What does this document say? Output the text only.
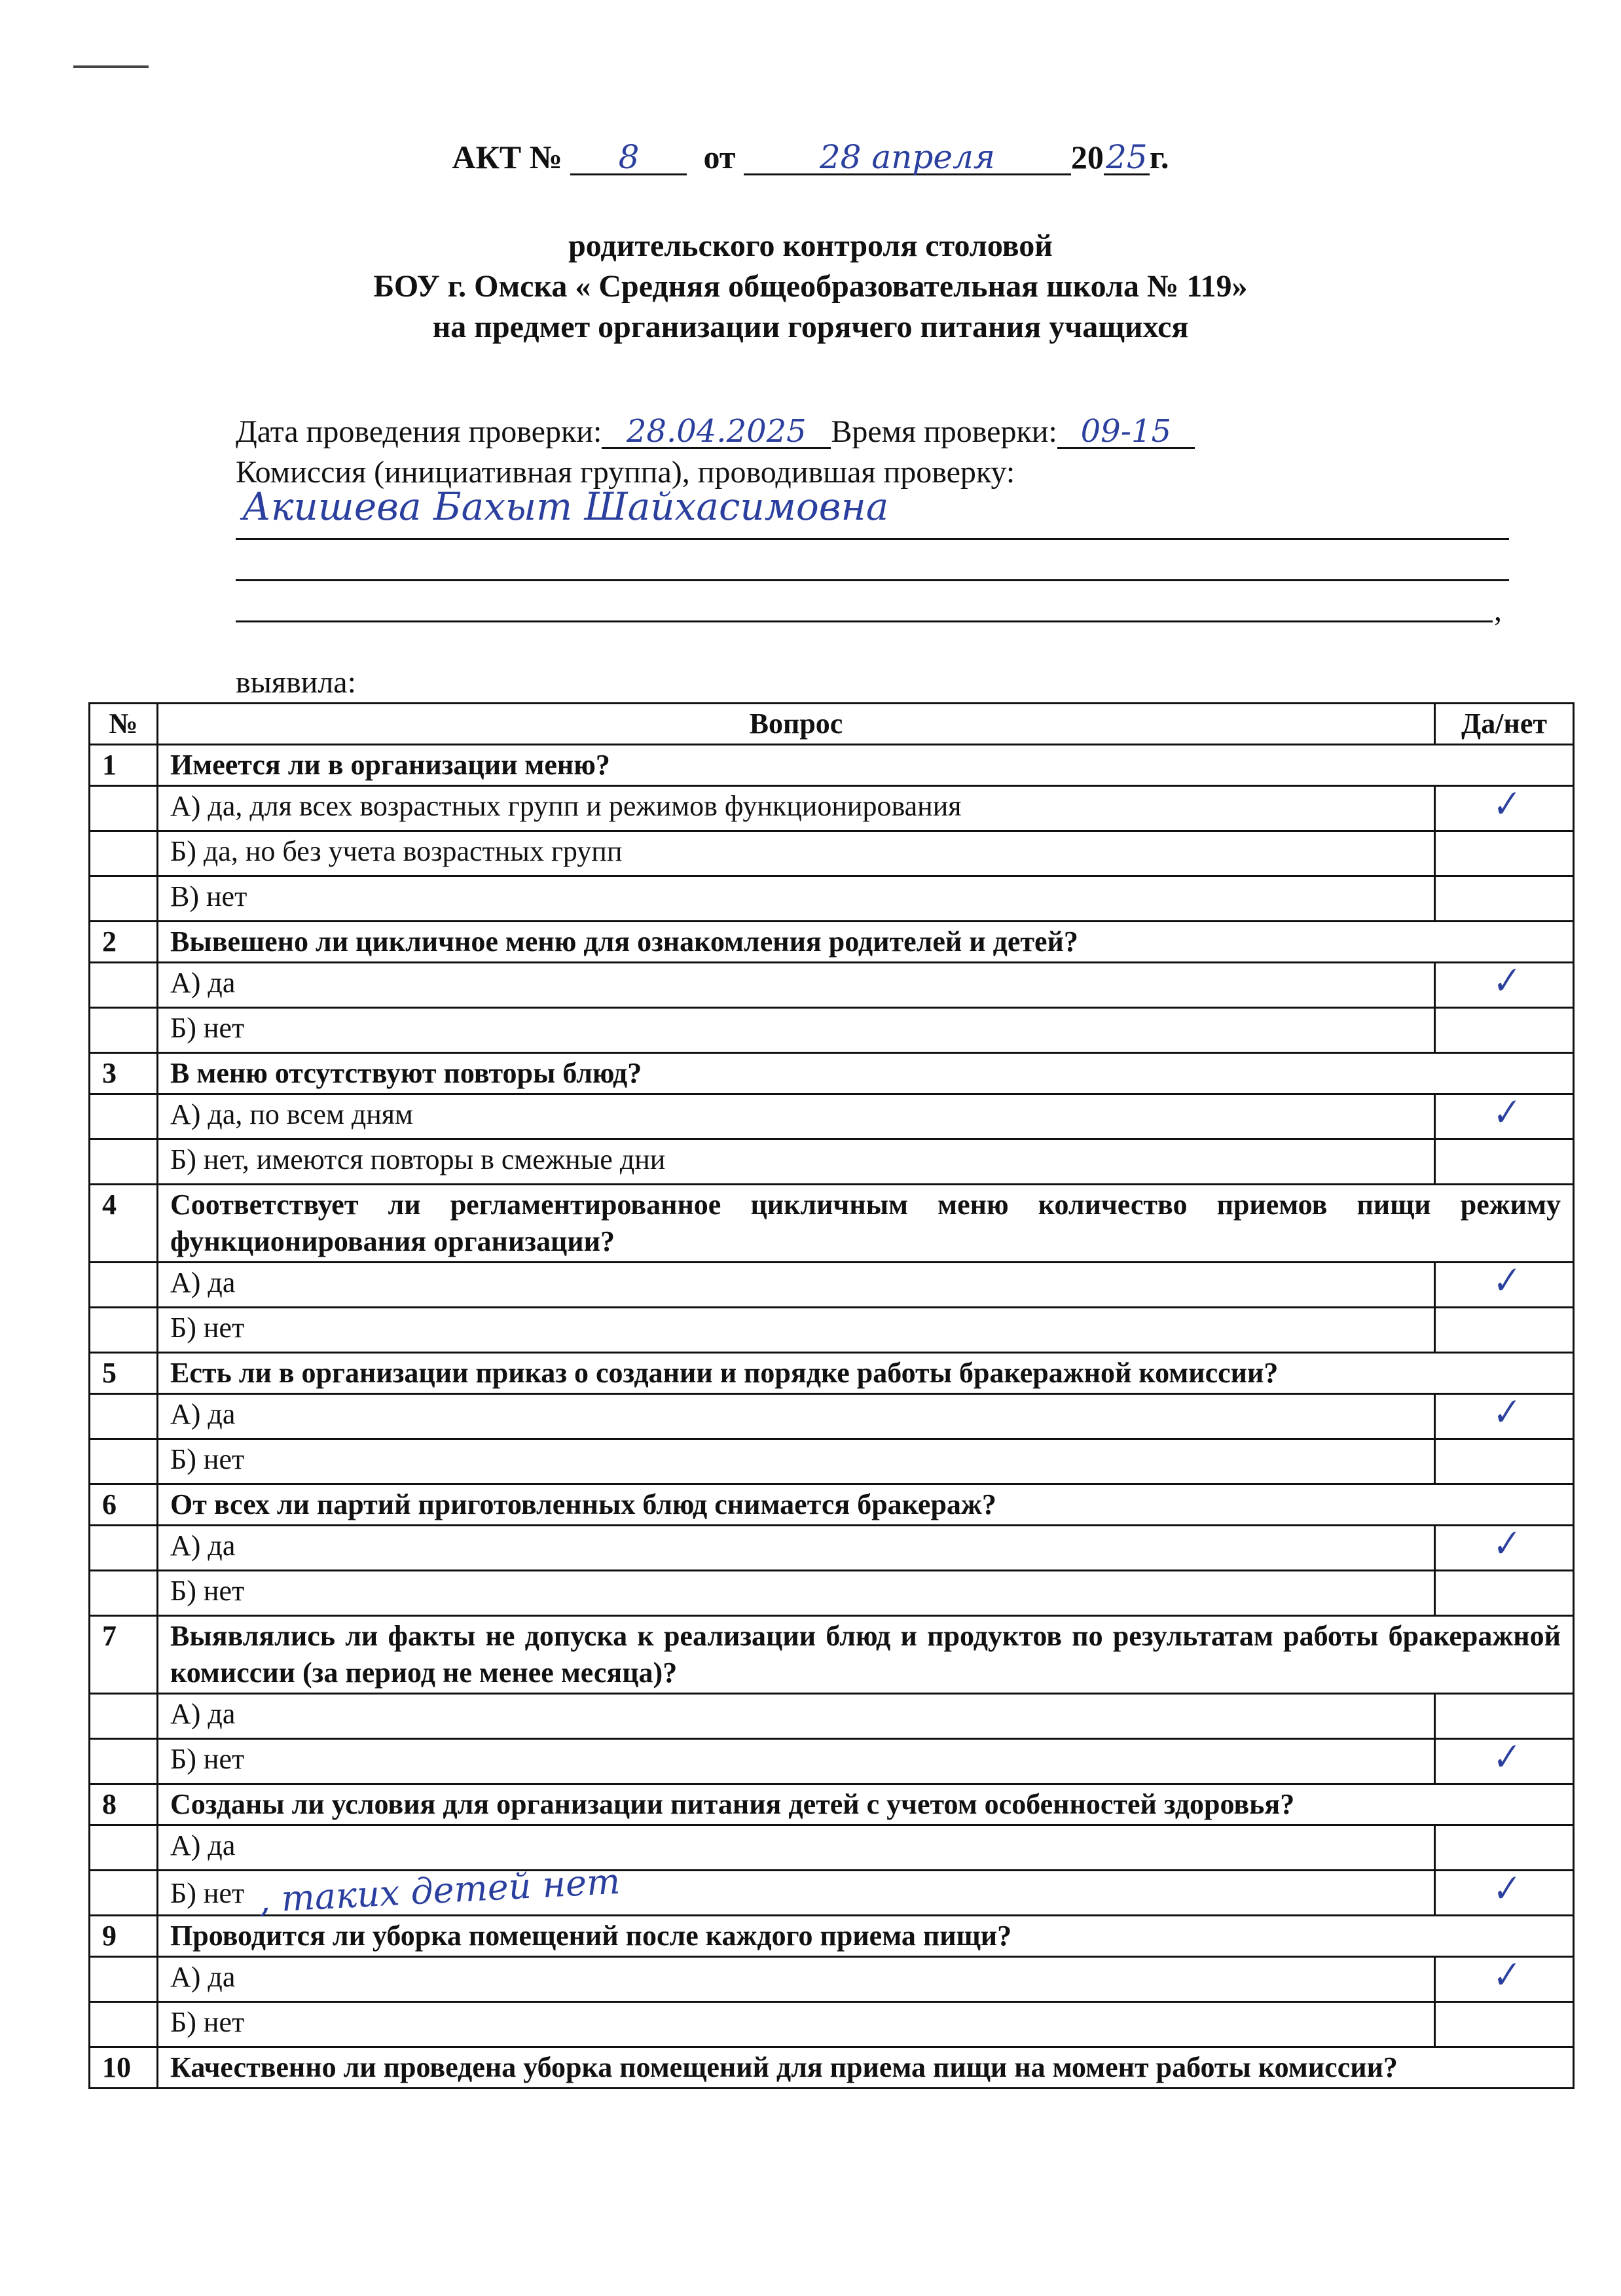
АКТ № 8 от	28 апреля 2025г.
родительского контроля столовой
БОУ г. Омска « Средняя общеобразовательная школа № 119»
на предмет организации горячего питания учащихся
Дата проведения проверки: 28.04.2025 Время проверки: 09-15
Комиссия (инициативная группа), проводившая проверку:
Акишева Бахыт Шайхасимовна
,
выявила:
№	Вопрос	Да/нет
1	Имеется ли в организации меню?	
	А) да, для всех возрастных групп и режимов функционирования	✓
	Б) да, но без учета возрастных групп	
	В) нет	
2	Вывешено ли цикличное меню для ознакомления родителей и детей?	
	А) да	✓
	Б) нет	
3	В меню отсутствуют повторы блюд?	
	А) да, по всем дням	✓
	Б) нет, имеются повторы в смежные дни	
4	Соответствует ли регламентированное цикличным меню количество приемов пищи режиму функционирования организации?	
	А) да	✓
	Б) нет	
5	Есть ли в организации приказ о создании и порядке работы бракеражной комиссии?	
	А) да	✓
	Б) нет	
6	От всех ли партий приготовленных блюд снимается бракераж?	
	А) да	✓
	Б) нет	
7	Выявлялись ли факты не допуска к реализации блюд и продуктов по результатам работы бракеражной комиссии (за период не менее месяца)?	
	А) да	
	Б) нет	✓
8	Созданы ли условия для организации питания детей с учетом особенностей здоровья?	
	А) да	
	Б) нет , таких детей нет	✓
9	Проводится ли уборка помещений после каждого приема пищи?	
	А) да	✓
	Б) нет	
10	Качественно ли проведена уборка помещений для приема пищи на момент работы комиссии?	
